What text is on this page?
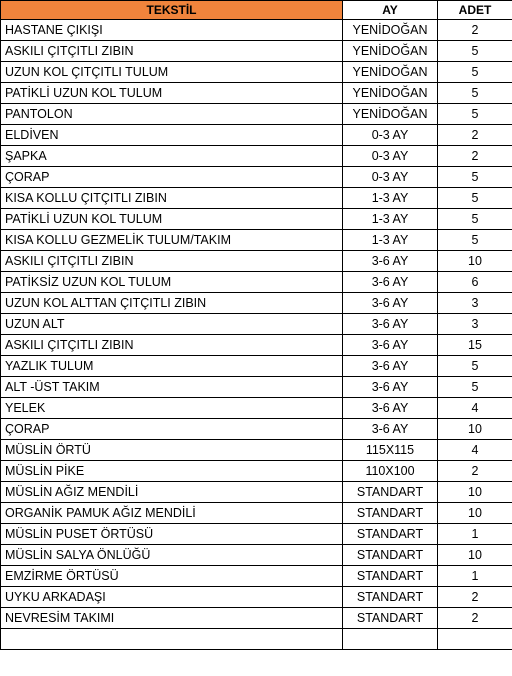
TEKSTİL	AY	ADET
HASTANE ÇIKIŞI	YENİDOĞAN	2
ASKILI ÇITÇITLI ZIBIN	YENİDOĞAN	5
UZUN KOL ÇITÇITLI TULUM	YENİDOĞAN	5
PATİKLİ UZUN KOL TULUM	YENİDOĞAN	5
PANTOLON	YENİDOĞAN	5
ELDİVEN	0-3 AY	2
ŞAPKA	0-3 AY	2
ÇORAP	0-3 AY	5
KISA KOLLU ÇITÇITLI ZIBIN	1-3 AY	5
PATİKLİ UZUN KOL TULUM	1-3 AY	5
KISA KOLLU GEZMELİK TULUM/TAKIM	1-3 AY	5
ASKILI ÇITÇITLI ZIBIN	3-6 AY	10
PATİKSİZ UZUN KOL TULUM	3-6 AY	6
UZUN KOL ALTTAN ÇITÇITLI ZIBIN	3-6 AY	3
UZUN ALT	3-6 AY	3
ASKILI ÇITÇITLI ZIBIN	3-6 AY	15
YAZLIK TULUM	3-6 AY	5
ALT -ÜST TAKIM	3-6 AY	5
YELEK	3-6 AY	4
ÇORAP	3-6 AY	10
MÜSLİN ÖRTÜ	115X115	4
MÜSLİN PİKE	110X100	2
MÜSLİN AĞIZ MENDİLİ	STANDART	10
ORGANİK PAMUK AĞIZ MENDİLİ	STANDART	10
MÜSLİN PUSET ÖRTÜSÜ	STANDART	1
MÜSLİN SALYA ÖNLÜĞÜ	STANDART	10
EMZİRME ÖRTÜSÜ	STANDART	1
UYKU ARKADAŞI	STANDART	2
NEVRESİM TAKIMI	STANDART	2
